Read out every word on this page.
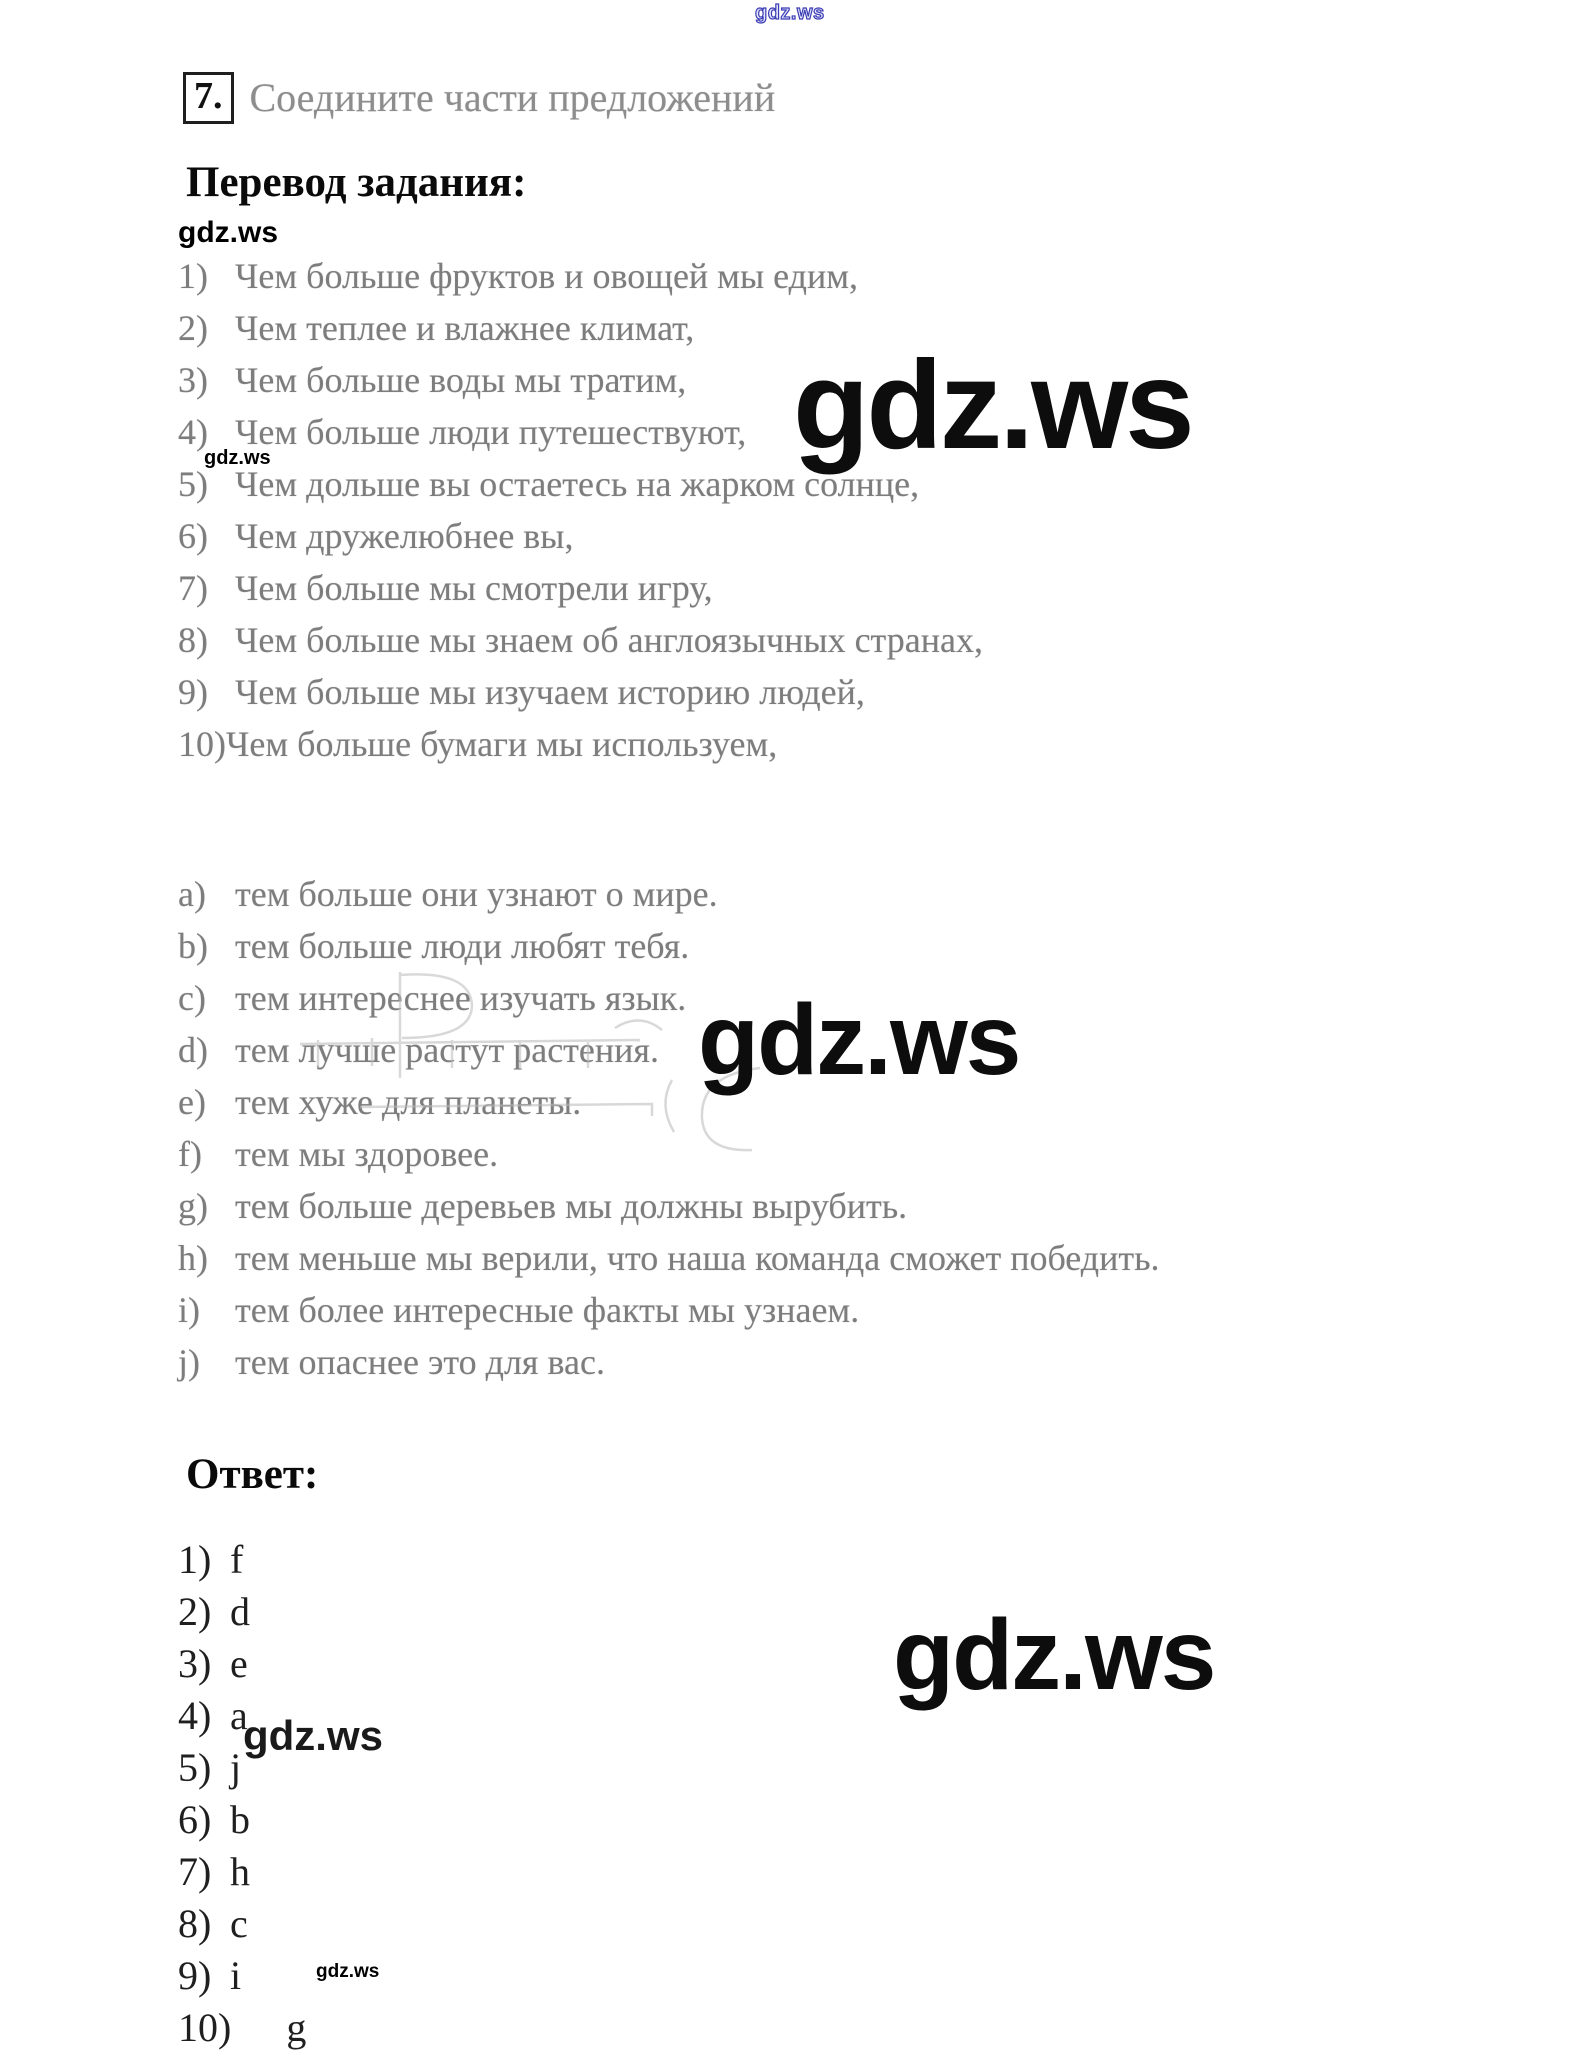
gdz.ws
gdz.ws
gdz.ws	gdz.ws
gdz.ws
gdz.ws
gdz.ws
gdz.ws
7. Соедините части предложений
Перевод задания:
1) Чем больше фруктов и овощей мы едим,
2) Чем теплее и влажнее климат,
3) Чем больше воды мы тратим,
4) Чем больше люди путешествуют,
5) Чем дольше вы остаетесь на жарком солнце,
6) Чем дружелюбнее вы,
7) Чем больше мы смотрели игру,
8) Чем больше мы знаем об англоязычных странах,
9) Чем больше мы изучаем историю людей,
10)Чем больше бумаги мы используем,
a) тем больше они узнают о мире.
b) тем больше люди любят тебя.
c) тем интереснее изучать язык.
d) тем лучше растут растения.
e) тем хуже для планеты.
f) тем мы здоровее.
g) тем больше деревьев мы должны вырубить.
h) тем меньше мы верили, что наша команда сможет победить.
i) тем более интересные факты мы узнаем.
j) тем опаснее это для вас.
Ответ:
1) f
2) d
3) e
4) a
5) j
6) b
7) h
8) c
9) i
10) g
